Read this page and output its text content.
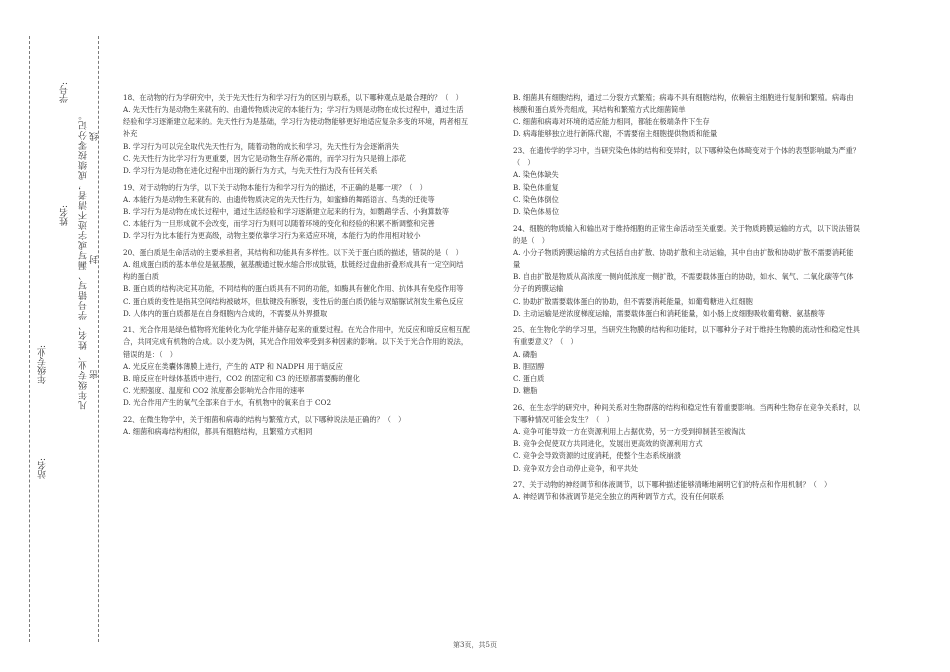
学号:
姓名:
年级专业:
站名:
凡年级专业、姓名、学号错写、漏写或字迹不清者，成绩按零分记。 线
封
密

18、在动物的行为学研究中，关于先天性行为和学习行为的区别与联系，以下哪种观点是最合理的？（　）

A. 先天性行为是动物生来就有的、由遗传物质决定的本能行为；学习行为则是动物在成长过程中，通过生活经验和学习逐渐建立起来的。先天性行为是基础，学习行为使动物能够更好地适应复杂多变的环境，两者相互补充

B. 学习行为可以完全取代先天性行为，随着动物的成长和学习，先天性行为会逐渐消失

C. 先天性行为比学习行为更重要，因为它是动物生存所必需的，而学习行为只是锦上添花

D. 学习行为是动物在进化过程中出现的新行为方式，与先天性行为没有任何关系

19、对于动物的行为学，以下关于动物本能行为和学习行为的描述，不正确的是哪一项？（　）

A. 本能行为是动物生来就有的、由遗传物质决定的先天性行为，如蜜蜂的舞蹈语言、鸟类的迁徙等

B. 学习行为是动物在成长过程中，通过生活经验和学习逐渐建立起来的行为，如鹦鹉学舌、小狗算数等

C. 本能行为一旦形成就不会改变，而学习行为则可以随着环境的变化和经验的积累不断调整和完善

D. 学习行为比本能行为更高级，动物主要依靠学习行为来适应环境，本能行为的作用相对较小

20、蛋白质是生命活动的主要承担者，其结构和功能具有多样性。以下关于蛋白质的描述，错误的是（　）

A. 组成蛋白质的基本单位是氨基酸，氨基酸通过脱水缩合形成肽链，肽链经过盘曲折叠形成具有一定空间结构的蛋白质

B. 蛋白质的结构决定其功能，不同结构的蛋白质具有不同的功能，如酶具有催化作用、抗体具有免疫作用等

C. 蛋白质的变性是指其空间结构被破坏，但肽键没有断裂，变性后的蛋白质仍能与双缩脲试剂发生紫色反应

D. 人体内的蛋白质都是在自身细胞内合成的，不需要从外界摄取

21、光合作用是绿色植物将光能转化为化学能并储存起来的重要过程。在光合作用中，光反应和暗反应相互配合，共同完成有机物的合成。以小麦为例，其光合作用效率受到多种因素的影响。以下关于光合作用的说法，错误的是：（　）

A. 光反应在类囊体薄膜上进行，产生的 ATP 和 NADPH 用于暗反应

B. 暗反应在叶绿体基质中进行，CO2 的固定和 C3 的还原都需要酶的催化

C. 光照强度、温度和 CO2 浓度都会影响光合作用的速率

D. 光合作用产生的氧气全部来自于水，有机物中的氧来自于 CO2

22、在微生物学中，关于细菌和病毒的结构与繁殖方式，以下哪种说法是正确的？（　）

A. 细菌和病毒结构相似，都具有细胞结构，且繁殖方式相同

B. 细菌具有细胞结构，通过二分裂方式繁殖；病毒不具有细胞结构，依赖宿主细胞进行复制和繁殖。病毒由核酸和蛋白质外壳组成，其结构和繁殖方式比细菌简单

C. 细菌和病毒对环境的适应能力相同，都能在极端条件下生存

D. 病毒能够独立进行新陈代谢，不需要宿主细胞提供物质和能量

23、在遗传学的学习中，当研究染色体的结构和变异时，以下哪种染色体畸变对于个体的表型影响最为严重？（　）

A. 染色体缺失

B. 染色体重复

C. 染色体倒位

D. 染色体易位

24、细胞的物质输入和输出对于维持细胞的正常生命活动至关重要。关于物质跨膜运输的方式，以下说法错误的是（　）

A. 小分子物质跨膜运输的方式包括自由扩散、协助扩散和主动运输，其中自由扩散和协助扩散不需要消耗能量

B. 自由扩散是物质从高浓度一侧向低浓度一侧扩散，不需要载体蛋白的协助，如水、氧气、二氧化碳等气体分子的跨膜运输

C. 协助扩散需要载体蛋白的协助，但不需要消耗能量，如葡萄糖进入红细胞

D. 主动运输是逆浓度梯度运输，需要载体蛋白和消耗能量，如小肠上皮细胞吸收葡萄糖、氨基酸等

25、在生物化学的学习里，当研究生物膜的结构和功能时，以下哪种分子对于维持生物膜的流动性和稳定性具有重要意义？（　）

A. 磷脂

B. 胆固醇

C. 蛋白质

D. 糖脂

26、在生态学的研究中，种间关系对生物群落的结构和稳定性有着重要影响。当两种生物存在竞争关系时，以下哪种情况可能会发生？（　）

A. 竞争可能导致一方在资源利用上占据优势，另一方受到抑制甚至被淘汰

B. 竞争会促使双方共同进化，发展出更高效的资源利用方式

C. 竞争会导致资源的过度消耗，使整个生态系统崩溃

D. 竞争双方会自动停止竞争，和平共处

27、关于动物的神经调节和体液调节，以下哪种描述能够清晰地阐明它们的特点和作用机制？（　）

A. 神经调节和体液调节是完全独立的两种调节方式，没有任何联系

第3页，共5页
